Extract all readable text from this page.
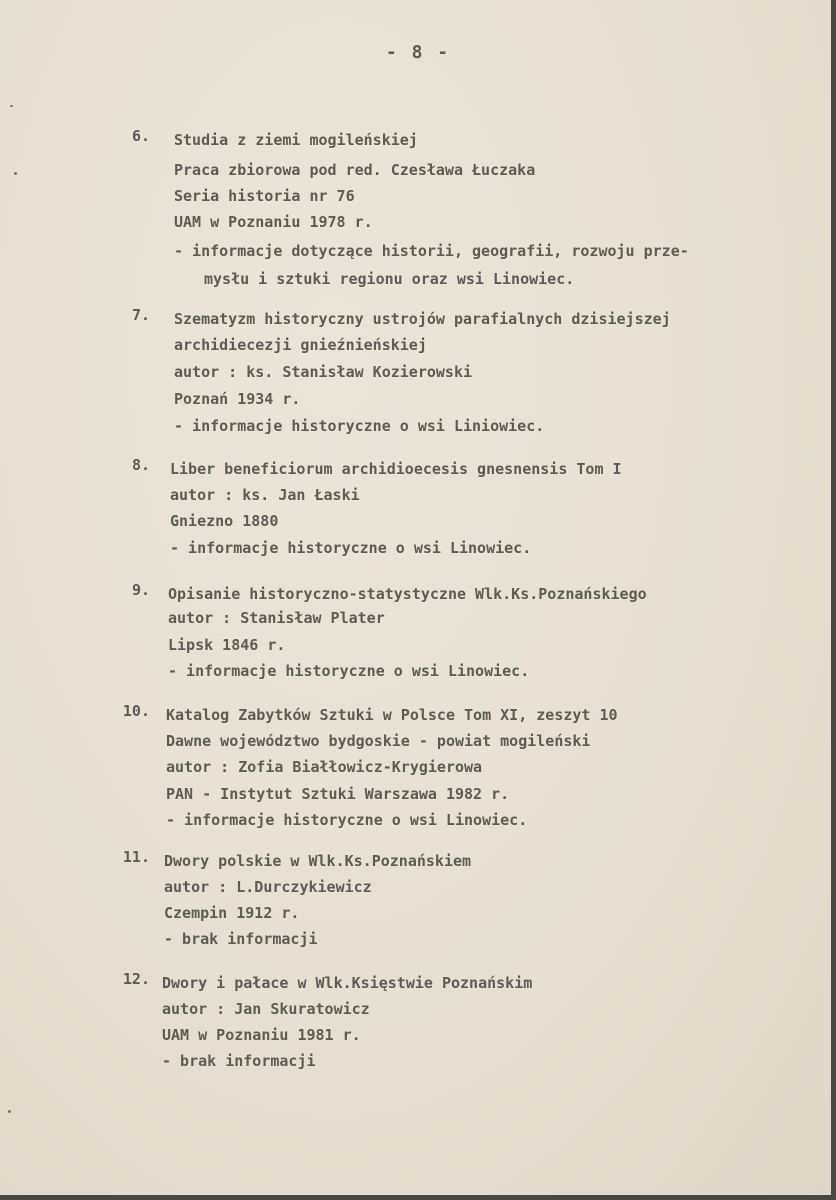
- 8 -
6. Studia z ziemi mogileńskiej
Praca zbiorowa pod red. Czesława Łuczaka
Seria historia nr 76
UAM w Poznaniu 1978 r.
- informacje dotyczące historii, geografii, rozwoju prze-
mysłu i sztuki regionu oraz wsi Linowiec.
7. Szematyzm historyczny ustrojów parafialnych dzisiejszej
archidiecezji gnieźnieńskiej
autor : ks. Stanisław Kozierowski
Poznań 1934 r.
- informacje historyczne o wsi Liniowiec.
8. Liber beneficiorum archidioecesis gnesnensis Tom I
autor : ks. Jan Łaski
Gniezno 1880
- informacje historyczne o wsi Linowiec.
9. Opisanie historyczno-statystyczne Wlk.Ks.Poznańskiego
autor : Stanisław Plater
Lipsk 1846 r.
- informacje historyczne o wsi Linowiec.
10. Katalog Zabytków Sztuki w Polsce Tom XI, zeszyt 10
Dawne województwo bydgoskie - powiat mogileński
autor : Zofia Białłowicz-Krygierowa
PAN - Instytut Sztuki Warszawa 1982 r.
- informacje historyczne o wsi Linowiec.
11. Dwory polskie w Wlk.Ks.Poznańskiem
autor : L.Durczykiewicz
Czempin 1912 r.
- brak informacji
12. Dwory i pałace w Wlk.Księstwie Poznańskim
autor : Jan Skuratowicz
UAM w Poznaniu 1981 r.
- brak informacji
